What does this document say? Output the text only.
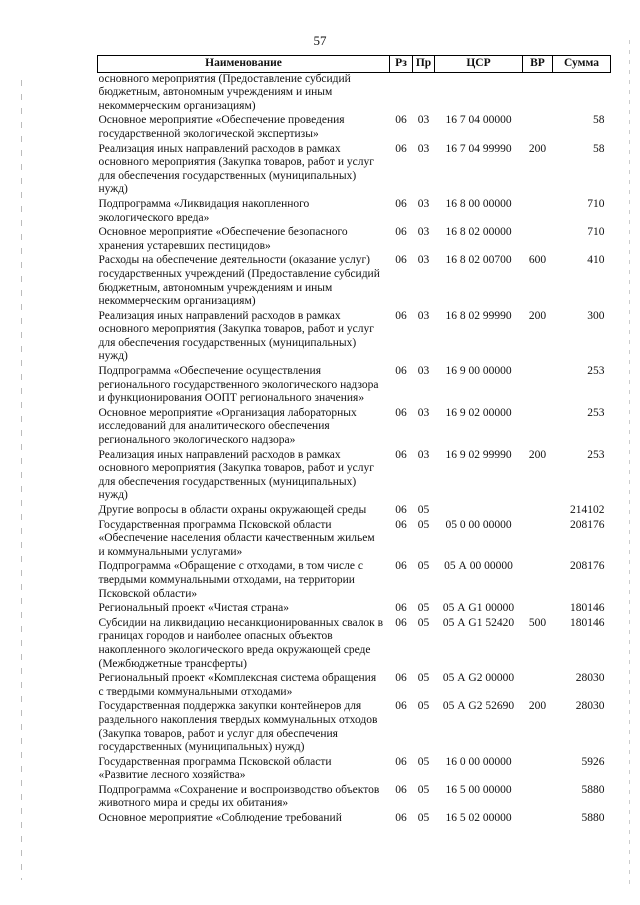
57
Наименование	Рз	Пр	ЦСР	ВР	Сумма
основного мероприятия (Предоставление субсидий бюджетным, автономным учреждениям и иным некоммерческим организациям)					
Основное мероприятие «Обеспечение проведения государственной экологической экспертизы»	06	03	16 7 04 00000		58
Реализация иных направлений расходов в рамках основного мероприятия (Закупка товаров, работ и услуг для обеспечения государственных (муниципальных) нужд)	06	03	16 7 04 99990	200	58
Подпрограмма «Ликвидация накопленного экологического вреда»	06	03	16 8 00 00000		710
Основное мероприятие «Обеспечение безопасного хранения устаревших пестицидов»	06	03	16 8 02 00000		710
Расходы на обеспечение деятельности (оказание услуг) государственных учреждений (Предоставление субсидий бюджетным, автономным учреждениям и иным некоммерческим организациям)	06	03	16 8 02 00700	600	410
Реализация иных направлений расходов в рамках основного мероприятия (Закупка товаров, работ и услуг для обеспечения государственных (муниципальных) нужд)	06	03	16 8 02 99990	200	300
Подпрограмма «Обеспечение осуществления регионального государственного экологического надзора и функционирования ООПТ регионального значения»	06	03	16 9 00 00000		253
Основное мероприятие «Организация лабораторных исследований для аналитического обеспечения регионального экологического надзора»	06	03	16 9 02 00000		253
Реализация иных направлений расходов в рамках основного мероприятия (Закупка товаров, работ и услуг для обеспечения государственных (муниципальных) нужд)	06	03	16 9 02 99990	200	253
Другие вопросы в области охраны окружающей среды	06	05			214102
Государственная программа Псковской области «Обеспечение населения области качественным жильем и коммунальными услугами»	06	05	05 0 00 00000		208176
Подпрограмма «Обращение с отходами, в том числе с твердыми коммунальными отходами, на территории Псковской области»	06	05	05 А 00 00000		208176
Региональный проект «Чистая страна»	06	05	05 А G1 00000		180146
Субсидии на ликвидацию несанкционированных свалок в границах городов и наиболее опасных объектов накопленного экологического вреда окружающей среде (Межбюджетные трансферты)	06	05	05 А G1 52420	500	180146
Региональный проект «Комплексная система обращения с твердыми коммунальными отходами»	06	05	05 А G2 00000		28030
Государственная поддержка закупки контейнеров для раздельного накопления твердых коммунальных отходов (Закупка товаров, работ и услуг для обеспечения государственных (муниципальных) нужд)	06	05	05 А G2 52690	200	28030
Государственная программа Псковской области «Развитие лесного хозяйства»	06	05	16 0 00 00000		5926
Подпрограмма «Сохранение и воспроизводство объектов животного мира и среды их обитания»	06	05	16 5 00 00000		5880
Основное мероприятие «Соблюдение требований	06	05	16 5 02 00000		5880
